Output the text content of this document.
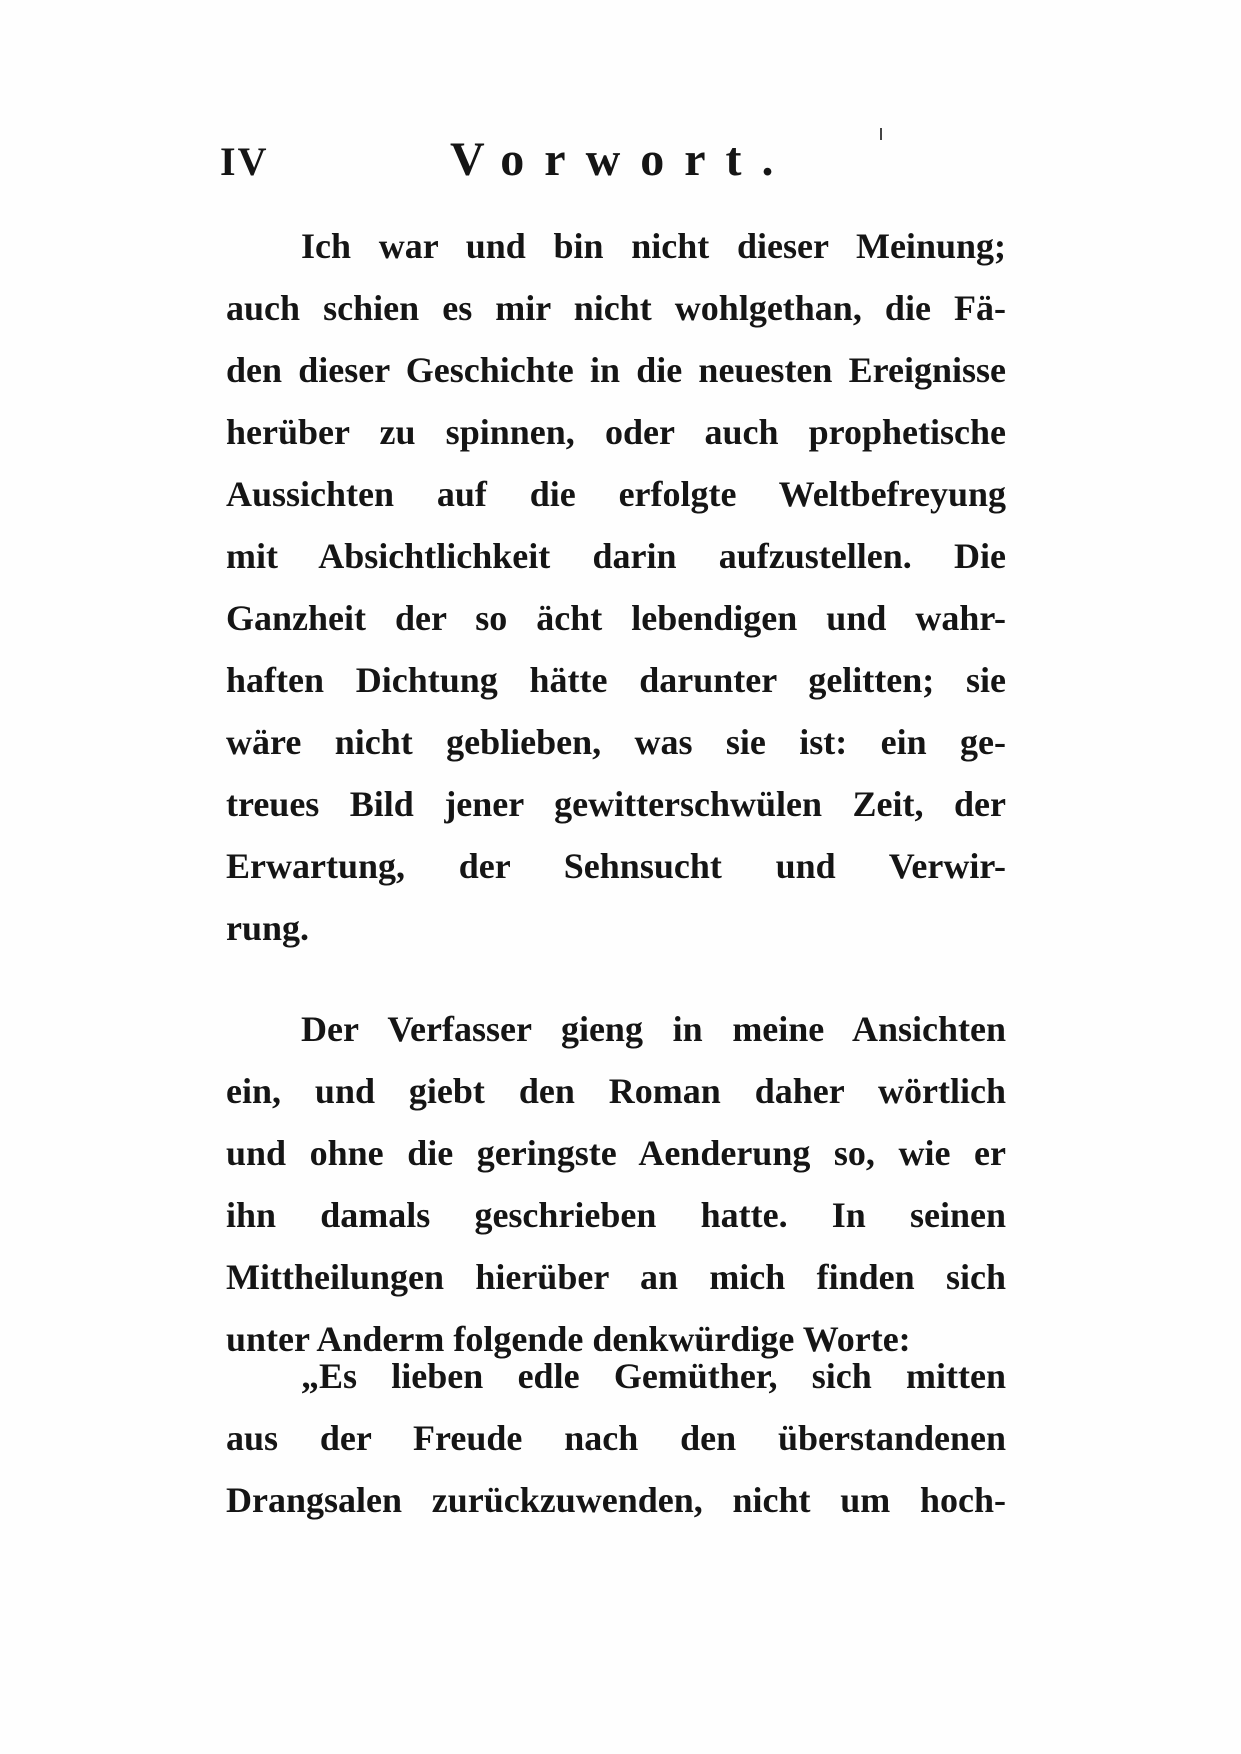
IV	Vorwort.
Ich war und bin nicht dieser Meinung;
auch schien es mir nicht wohlgethan, die Fä-
den dieser Geschichte in die neuesten Ereignisse
herüber zu spinnen, oder auch prophetische
Aussichten auf die erfolgte Weltbefreyung
mit Absichtlichkeit darin aufzustellen. Die
Ganzheit der so ächt lebendigen und wahr-
haften Dichtung hätte darunter gelitten; sie
wäre nicht geblieben, was sie ist: ein ge-
treues Bild jener gewitterschwülen Zeit, der
Erwartung, der Sehnsucht und Verwir-
rung.
Der Verfasser gieng in meine Ansichten
ein, und giebt den Roman daher wörtlich
und ohne die geringste Aenderung so, wie er
ihn damals geschrieben hatte. In seinen
Mittheilungen hierüber an mich finden sich
unter Anderm folgende denkwürdige Worte:
„Es lieben edle Gemüther, sich mitten
aus der Freude nach den überstandenen
Drangsalen zurückzuwenden, nicht um hoch-
